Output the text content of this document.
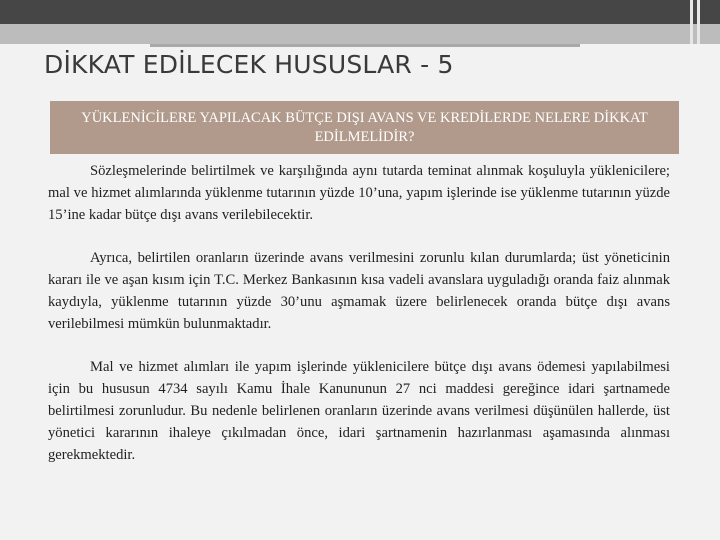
DİKKAT EDİLECEK HUSUSLAR - 5
YÜKLENİCİLERE YAPILACAK BÜTÇE DIŞI AVANS VE KREDİLERDE NELERE DİKKAT EDİLMELİDİR?

Sözleşmelerinde belirtilmek ve karşılığında aynı tutarda teminat alınmak koşuluyla yüklenicilere; mal ve hizmet alımlarında yüklenme tutarının yüzde 10’una, yapım işlerinde ise yüklenme tutarının yüzde 15’ine kadar bütçe dışı avans verilebilecektir.

Ayrıca, belirtilen oranların üzerinde avans verilmesini zorunlu kılan durumlarda; üst yöneticinin kararı ile ve aşan kısım için T.C. Merkez Bankasının kısa vadeli avanslara uyguladığı oranda faiz alınmak kaydıyla, yüklenme tutarının yüzde 30’unu aşmamak üzere belirlenecek oranda bütçe dışı avans verilebilmesi mümkün bulunmaktadır.

Mal ve hizmet alımları ile yapım işlerinde yüklenicilere bütçe dışı avans ödemesi yapılabilmesi için bu hususun 4734 sayılı Kamu İhale Kanununun 27 nci maddesi gereğince idari şartnamede belirtilmesi zorunludur. Bu nedenle belirlenen oranların üzerinde avans verilmesi düşünülen hallerde, üst yönetici kararının ihaleye çıkılmadan önce, idari şartnamenin hazırlanması aşamasında alınması gerekmektedir.
